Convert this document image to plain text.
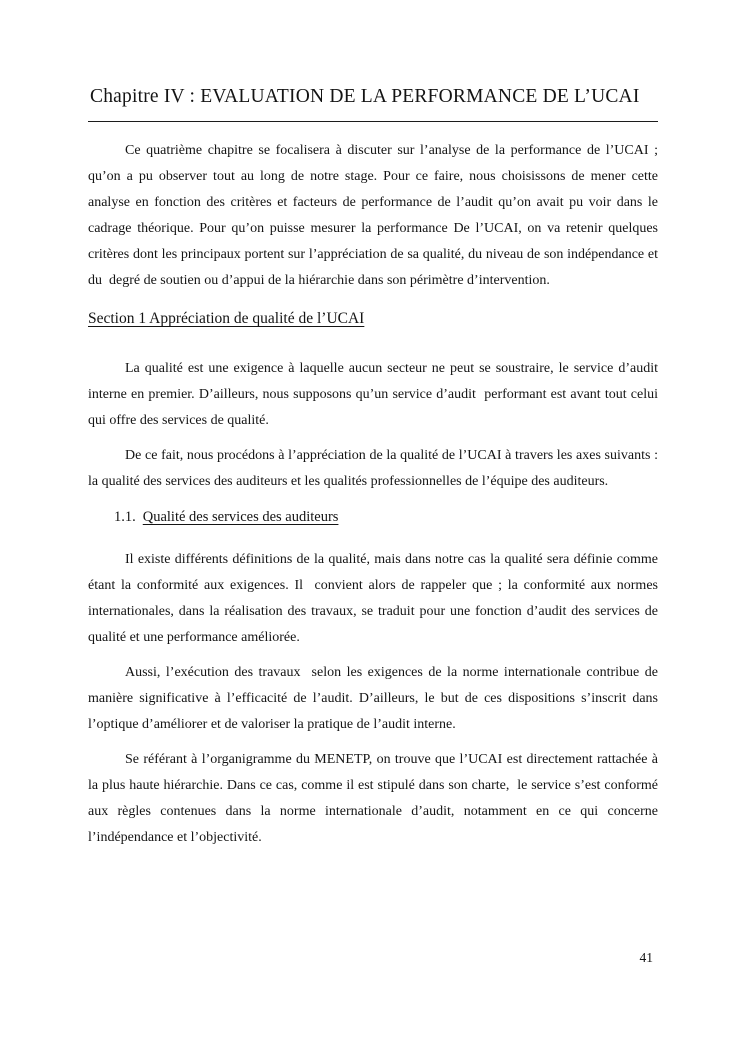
Chapitre IV : EVALUATION DE LA PERFORMANCE DE L’UCAI

Ce quatrième chapitre se focalisera à discuter sur l’analyse de la performance de l’UCAI ; qu’on a pu observer tout au long de notre stage. Pour ce faire, nous choisissons de mener cette analyse en fonction des critères et facteurs de performance de l’audit qu’on avait pu voir dans le cadrage théorique. Pour qu’on puisse mesurer la performance De l’UCAI, on va retenir quelques critères dont les principaux portent sur l’appréciation de sa qualité, du niveau de son indépendance et du  degré de soutien ou d’appui de la hiérarchie dans son périmètre d’intervention.

Section 1 Appréciation de qualité de l’UCAI

La qualité est une exigence à laquelle aucun secteur ne peut se soustraire, le service d’audit interne en premier. D’ailleurs, nous supposons qu’un service d’audit  performant est avant tout celui qui offre des services de qualité.

De ce fait, nous procédons à l’appréciation de la qualité de l’UCAI à travers les axes suivants : la qualité des services des auditeurs et les qualités professionnelles de l’équipe des auditeurs.

1.1. Qualité des services des auditeurs

Il existe différents définitions de la qualité, mais dans notre cas la qualité sera définie comme étant la conformité aux exigences. Il  convient alors de rappeler que ; la conformité aux normes internationales, dans la réalisation des travaux, se traduit pour une fonction d’audit des services de qualité et une performance améliorée.

Aussi, l’exécution des travaux  selon les exigences de la norme internationale contribue de manière significative à l’efficacité de l’audit. D’ailleurs, le but de ces dispositions s’inscrit dans l’optique d’améliorer et de valoriser la pratique de l’audit interne.

Se référant à l’organigramme du MENETP, on trouve que l’UCAI est directement rattachée à la plus haute hiérarchie. Dans ce cas, comme il est stipulé dans son charte,  le service s’est conformé aux règles contenues dans la norme internationale d’audit, notamment en ce qui concerne l’indépendance et l’objectivité.

41
